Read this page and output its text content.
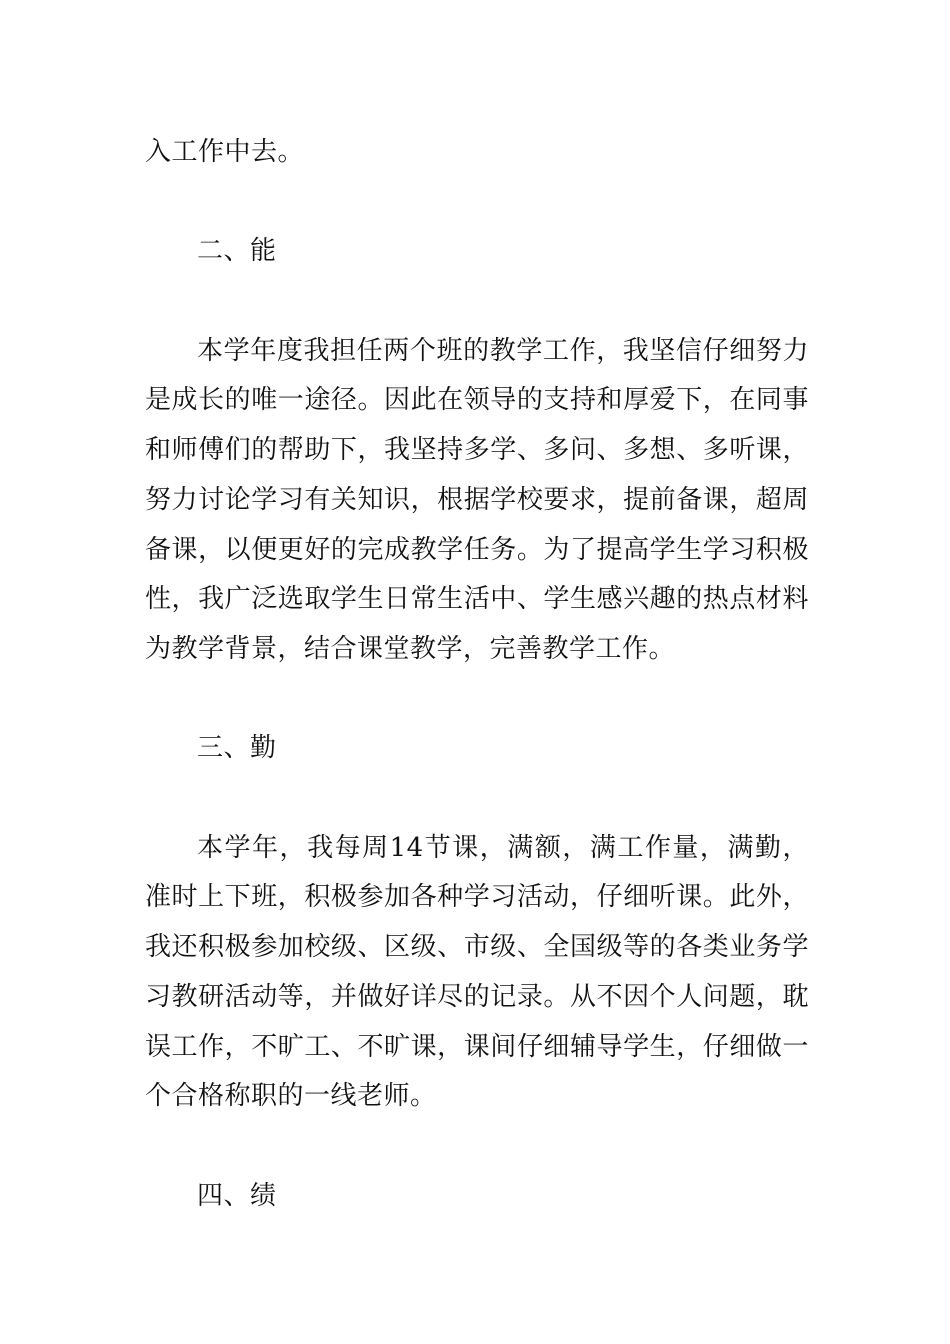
入工作中去。

二、能

本学年度我担任两个班的教学工作，我坚信仔细努力是成长的唯一途径。因此在领导的支持和厚爱下，在同事和师傅们的帮助下，我坚持多学、多问、多想、多听课，努力讨论学习有关知识，根据学校要求，提前备课，超周备课，以便更好的完成教学任务。为了提高学生学习积极性，我广泛选取学生日常生活中、学生感兴趣的热点材料为教学背景，结合课堂教学，完善教学工作。

三、勤

本学年，我每周14节课，满额，满工作量，满勤，准时上下班，积极参加各种学习活动，仔细听课。此外，我还积极参加校级、区级、市级、全国级等的各类业务学习教研活动等，并做好详尽的记录。从不因个人问题，耽误工作，不旷工、不旷课，课间仔细辅导学生，仔细做一个合格称职的一线老师。

四、绩
